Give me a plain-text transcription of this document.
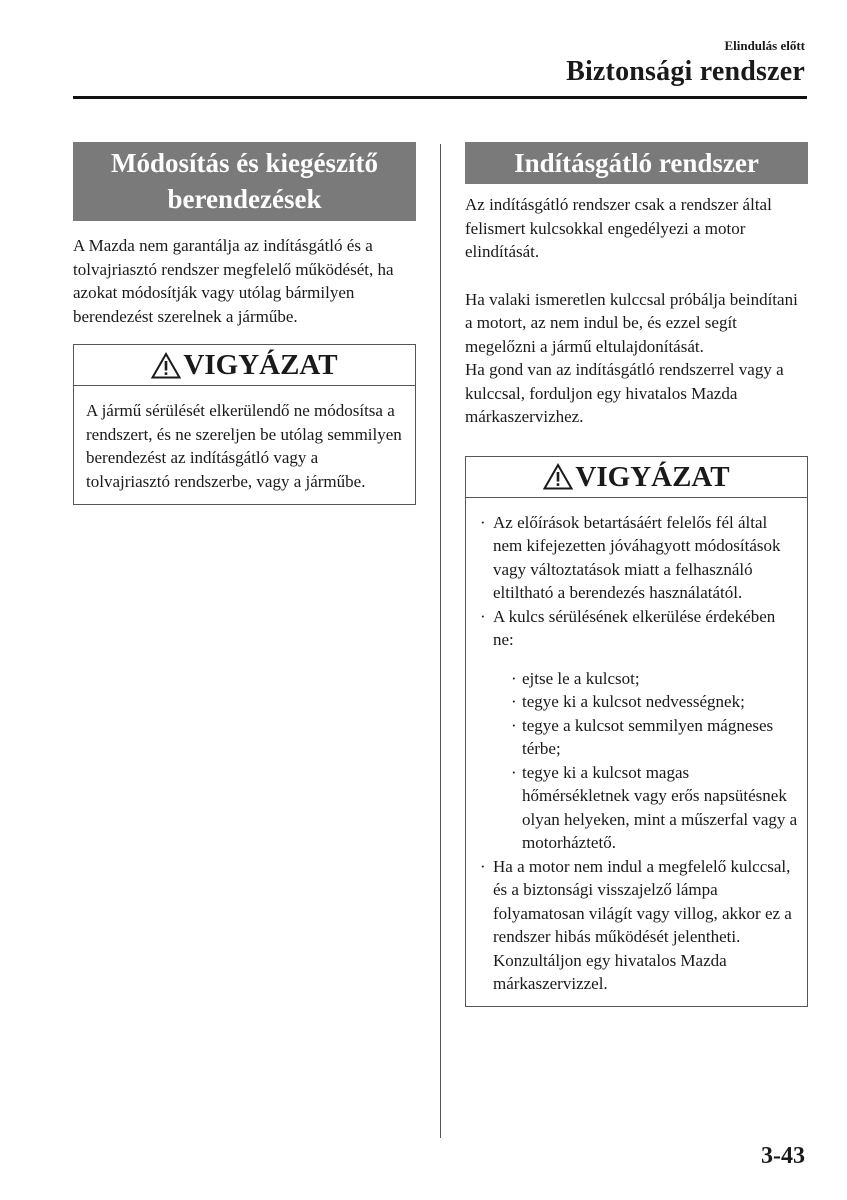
Elindulás előtt
Biztonsági rendszer
Módosítás és kiegészítő
berendezések

A Mazda nem garantálja az indításgátló és a tolvajriasztó rendszer megfelelő működését, ha azokat módosítják vagy utólag bármilyen berendezést szerelnek a járműbe.

VIGYÁZAT
A jármű sérülését elkerülendő ne módosítsa a rendszert, és ne szereljen be utólag semmilyen berendezést az indításgátló vagy a tolvajriasztó rendszerbe, vagy a járműbe.
Indításgátló rendszer

Az indításgátló rendszer csak a rendszer által felismert kulcsokkal engedélyezi a motor elindítását.

Ha valaki ismeretlen kulccsal próbálja beindítani a motort, az nem indul be, és ezzel segít megelőzni a jármű eltulajdonítását.

Ha gond van az indításgátló rendszerrel vagy a kulccsal, forduljon egy hivatalos Mazda márkaszervizhez.

VIGYÁZAT
· Az előírások betartásáért felelős fél által nem kifejezetten jóváhagyott módosítások vagy változtatások miatt a felhasználó eltiltható a berendezés használatától.
· A kulcs sérülésének elkerülése érdekében ne:
· ejtse le a kulcsot;
· tegye ki a kulcsot nedvességnek;
· tegye a kulcsot semmilyen mágneses térbe;
· tegye ki a kulcsot magas hőmérsékletnek vagy erős napsütésnek olyan helyeken, mint a műszerfal vagy a motorháztető.
· Ha a motor nem indul a megfelelő kulccsal, és a biztonsági visszajelző lámpa folyamatosan világít vagy villog, akkor ez a rendszer hibás működését jelentheti. Konzultáljon egy hivatalos Mazda márkaszervizzel.
3-43
